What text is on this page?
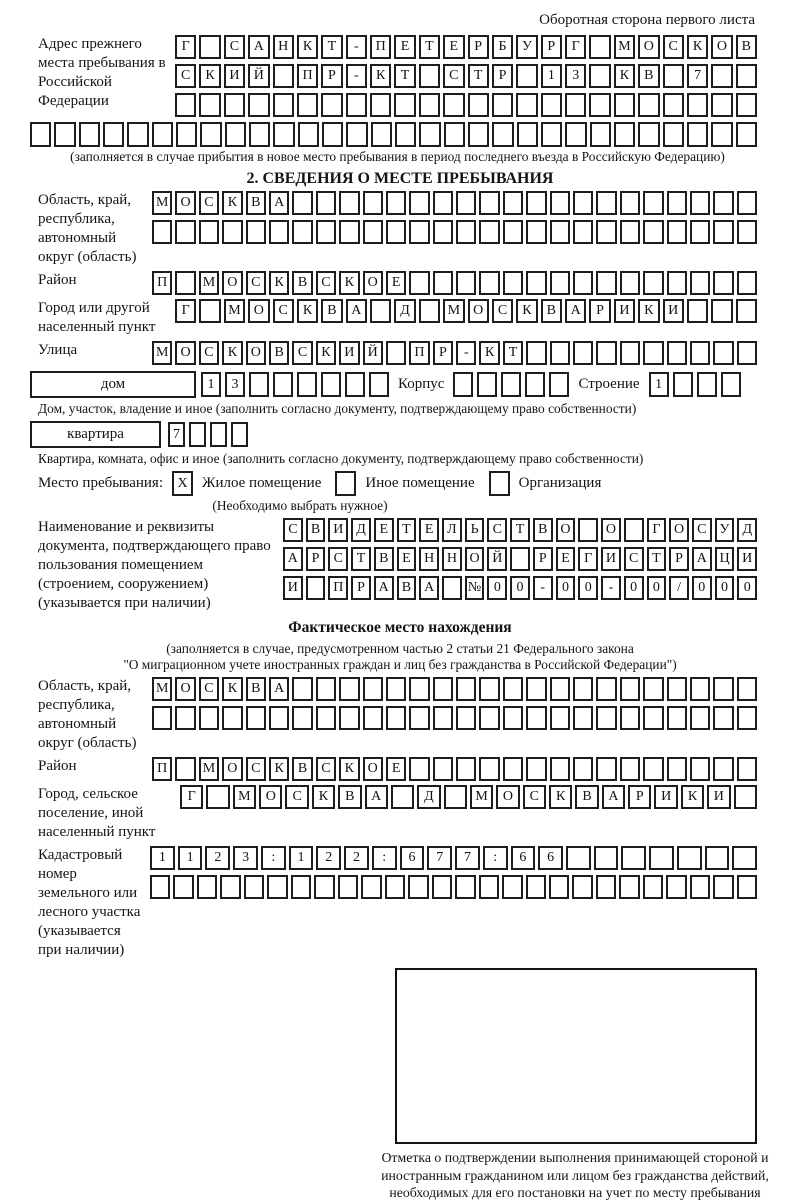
Оборотная сторона первого листа
Адрес прежнего места пребывания в Российской Федерации
Г	С	А	Н	К	Т	-	П	Е	Т	Е	Р	Б	У	Р	Г	М О	С	К	О	В
С	К	И	Й	П	Р	-	К	Т	С	Т	Р	1	3	К	В	7
(заполняется в случае прибытия в новое место пребывания в период последнего въезда в Российскую Федерацию)
2. СВЕДЕНИЯ О МЕСТЕ ПРЕБЫВАНИЯ
Область, край, республика, автономный округ (область)
М О С	К	В А
Район	П	М О С	К	В	С	К О	Е
Город или другой населенный пункт
Г	М О	С	К	В	А	Д	М О	С	К	В	А	Р	И	К	И
Улица	М О С	К О В	С	К И Й	П	Р	-	К	Т
дом	1	3	Корпус	Строение	1
Дом, участок, владение и иное (заполнить согласно документу, подтверждающему право собственности)
квартира	7
Квартира, комната, офис и иное (заполнить согласно документу, подтверждающему право собственности)
Место пребывания:	X Жилое помещение	Иное помещение	Организация
(Необходимо выбрать нужное)
Наименование и реквизиты документа, подтверждающего право пользования помещением (строением, сооружением) (указывается при наличии)
С В И Д Е	Т	Е Л Ь	С Т В О	О	Г О С У Д
А Р	С Т В Е Н Н О Й	Р	Е	Г И С Т	Р А Ц И
И	П Р А В А	№ 0	0	-	0	0	-	0	0	/	0	0	0
Фактическое место нахождения
(заполняется в случае, предусмотренном частью 2 статьи 21 Федерального закона
"О миграционном учете иностранных граждан и лиц без гражданства в Российской Федерации")
Область, край, республика, автономный округ (область)
М О С	К	В А
Район	П	М О С	К	В	С	К О	Е
Город, сельское поселение, иной населенный пункт
Г	М	О	С	К	В	А	Д	М	О	С	К	В	А	Р	И	К	И
Кадастровый номер земельного или лесного участка (указывается при наличии)
1	1	2	3	:	1	2	2	:	6	7	7	:	6	6
Отметка о подтверждении выполнения принимающей стороной и иностранным гражданином или лицом без гражданства действий, необходимых для его постановки на учет по месту пребывания
